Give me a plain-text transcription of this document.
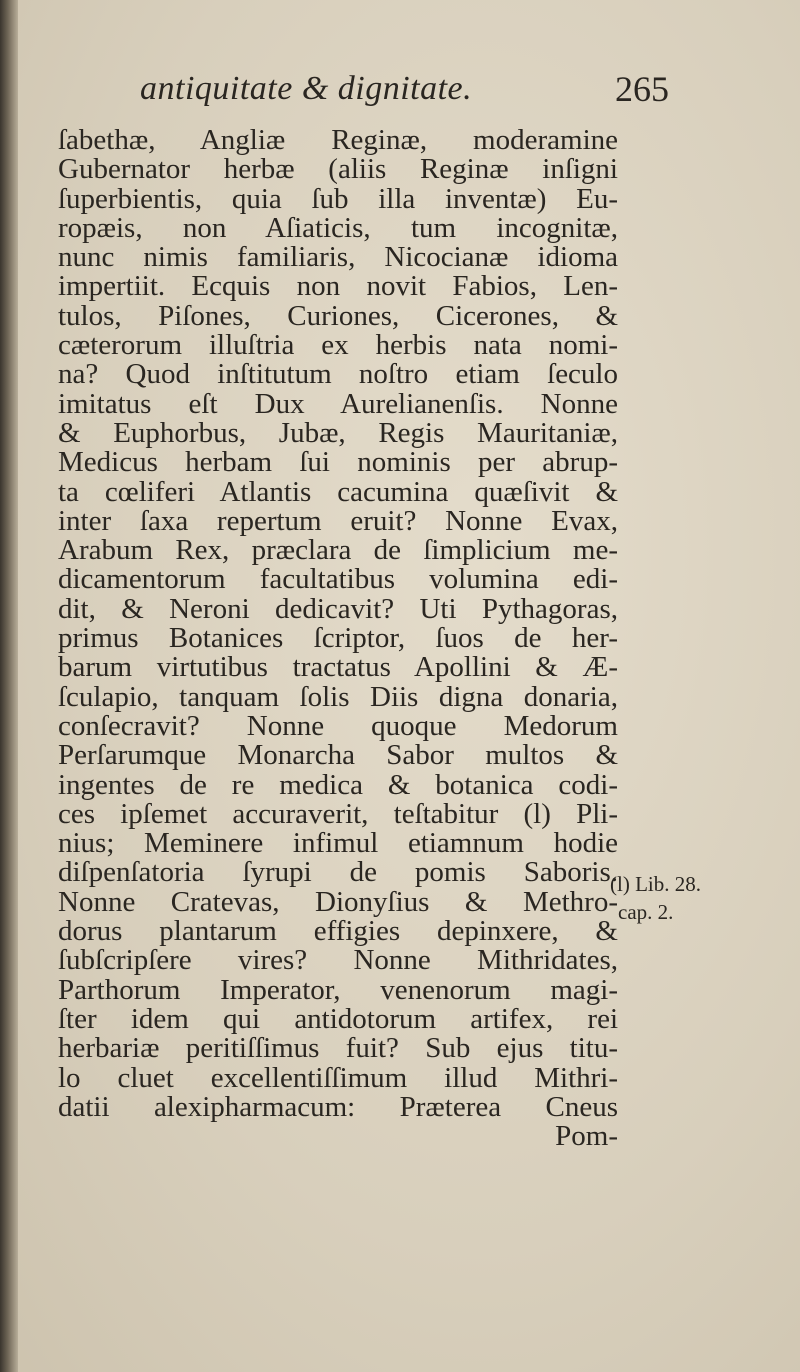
antiquitate & dignitate.	265
ſabethæ, Angliæ Reginæ, moderamine
Gubernator herbæ (aliis Reginæ inſigni
ſuperbientis, quia ſub illa inventæ) Eu-
ropæis, non Aſiaticis, tum incognitæ,
nunc nimis familiaris, Nicocianæ idioma
impertiit. Ecquis non novit Fabios, Len-
tulos, Piſones, Curiones, Cicerones, &
cæterorum illuſtria ex herbis nata nomi-
na? Quod inſtitutum noſtro etiam ſeculo
imitatus eſt Dux Aurelianenſis. Nonne
& Euphorbus, Jubæ, Regis Mauritaniæ,
Medicus herbam ſui nominis per abrup-
ta cœliferi Atlantis cacumina quæſivit &
inter ſaxa repertum eruit? Nonne Evax,
Arabum Rex, præclara de ſimplicium me-
dicamentorum facultatibus volumina edi-
dit, & Neroni dedicavit? Uti Pythagoras,
primus Botanices ſcriptor, ſuos de her-
barum virtutibus tractatus Apollini & Æ-
ſculapio, tanquam ſolis Diis digna donaria,
conſecravit? Nonne quoque Medorum
Perſarumque Monarcha Sabor multos &
ingentes de re medica & botanica codi-
ces ipſemet accuraverit, teſtabitur (l) Pli-
nius; Meminere infimul etiamnum hodie
diſpenſatoria ſyrupi de pomis Saboris.
Nonne Cratevas, Dionyſius & Methro-
dorus plantarum effigies depinxere, &
ſubſcripſere vires? Nonne Mithridates,
Parthorum Imperator, venenorum magi-
ſter idem qui antidotorum artifex, rei
herbariæ peritiſſimus fuit? Sub ejus titu-
lo cluet excellentiſſimum illud Mithri-
datii alexipharmacum: Præterea Cneus
Pom-
(l) Lib. 28.
cap. 2.
